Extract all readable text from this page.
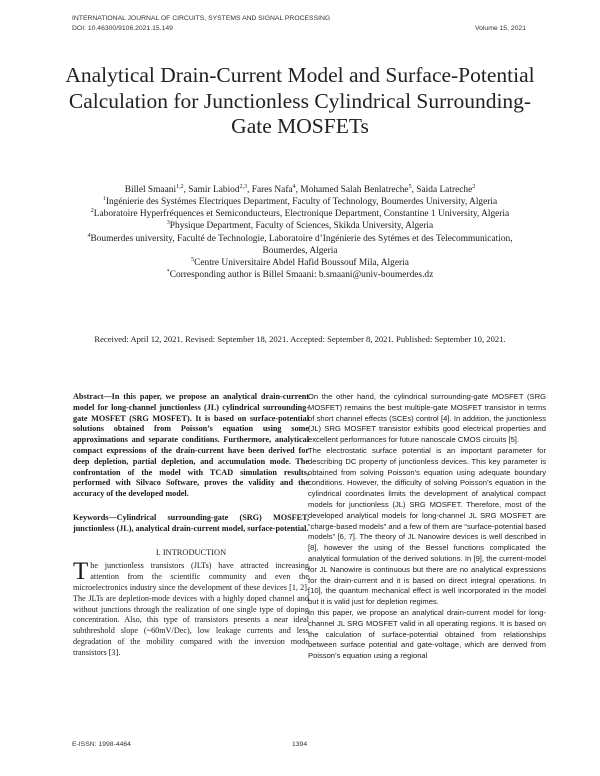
INTERNATIONAL JOURNAL OF CIRCUITS, SYSTEMS AND SIGNAL PROCESSING
DOI: 10.46300/9106.2021.15.149	Volume 15, 2021
Analytical Drain-Current Model and Surface-Potential Calculation for Junctionless Cylindrical Surrounding-Gate MOSFETs
Billel Smaani$^{1,2}$, Samir Labiod$^{2,3}$, Fares Nafa$^4$, Mohamed Salah Benlatreche$^5$, Saida Latreche$^2$
$^1$Ingénierie des Systémes Electriques Department, Faculty of Technology, Boumerdes University, Algeria
$^2$Laboratoire Hyperfréquences et Semiconducteurs, Electronique Department, Constantine 1 University, Algeria
$^3$Physique Department, Faculty of Sciences, Skikda University, Algeria
$^4$Boumerdes university, Faculté de Technologie, Laboratoire d’Ingénierie des Sytémes et des Telecommunication, Boumerdes, Algeria
$^5$Centre Universitaire Abdel Hafid Boussouf Mila, Algeria
*Corresponding author is Billel Smaani: b.smaani@univ-boumerdes.dz
Received: April 12, 2021. Revised: September 18, 2021. Accepted: September 8, 2021. Published: September 10, 2021.

Abstract—In this paper, we propose an analytical drain-current model for long-channel junctionless (JL) cylindrical surrounding-gate MOSFET (SRG MOSFET). It is based on surface-potential solutions obtained from Poisson’s equation using some approximations and separate conditions. Furthermore, analytical compact expressions of the drain-current have been derived for deep depletion, partial depletion, and accumulation mode. The confrontation of the model with TCAD simulation results, performed with Silvaco Software, proves the validity and the accuracy of the developed model.

Keywords—Cylindrical surrounding-gate (SRG) MOSFET, junctionless (JL), analytical drain-current model, surface-potential.

I. INTRODUCTION

The junctionless transistors (JLTs) have attracted increasing attention from the scientific community and even the microelectronics industry since the development of these devices [1, 2]. The JLTs are depletion-mode devices with a highly doped channel and without junctions through the realization of one single type of doping concentration. Also, this type of transistors presents a near ideal subthreshold slope (~60mV/Dec), low leakage currents and less degradation of the mobility compared with the inversion mode transistors [3].

On the other hand, the cylindrical surrounding-gate MOSFET (SRG MOSFET) remains the best multiple-gate MOSFET transistor in terms of short channel effects (SCEs) control [4]. In addition, the junctionless (JL) SRG MOSFET transistor exhibits good electrical properties and excellent performances for future nanoscale CMOS circuits [5].

The electrostatic surface potential is an important parameter for describing DC property of junctionless devices. This key parameter is obtained from solving Poisson’s equation using adequate boundary conditions. However, the difficulty of solving Poisson’s equation in the cylindrical coordinates limits the development of analytical compact models for junctionless (JL) SRG MOSFET. Therefore, most of the developed analytical models for long-channel JL SRG MOSFET are “charge-based models” and a few of them are “surface-potential based models” [6, 7]. The theory of JL Nanowire devices is well described in [8], however the using of the Bessel functions complicated the analytical formulation of the derived solutions. In [9], the current-model for JL Nanowire is continuous but there are no analytical expressions for the drain-current and it is based on direct integral operations. In [10], the quantum mechanical effect is well incorporated in the model but it is valid just for depletion regimes.

In this paper, we propose an analytical drain-current model for long-channel JL SRG MOSFET valid in all operating regions. It is based on the calculation of surface-potential obtained from relationships between surface potential and gate-voltage, which are derived from Poisson’s equation using a regional

E-ISSN: 1998-4464	1394
